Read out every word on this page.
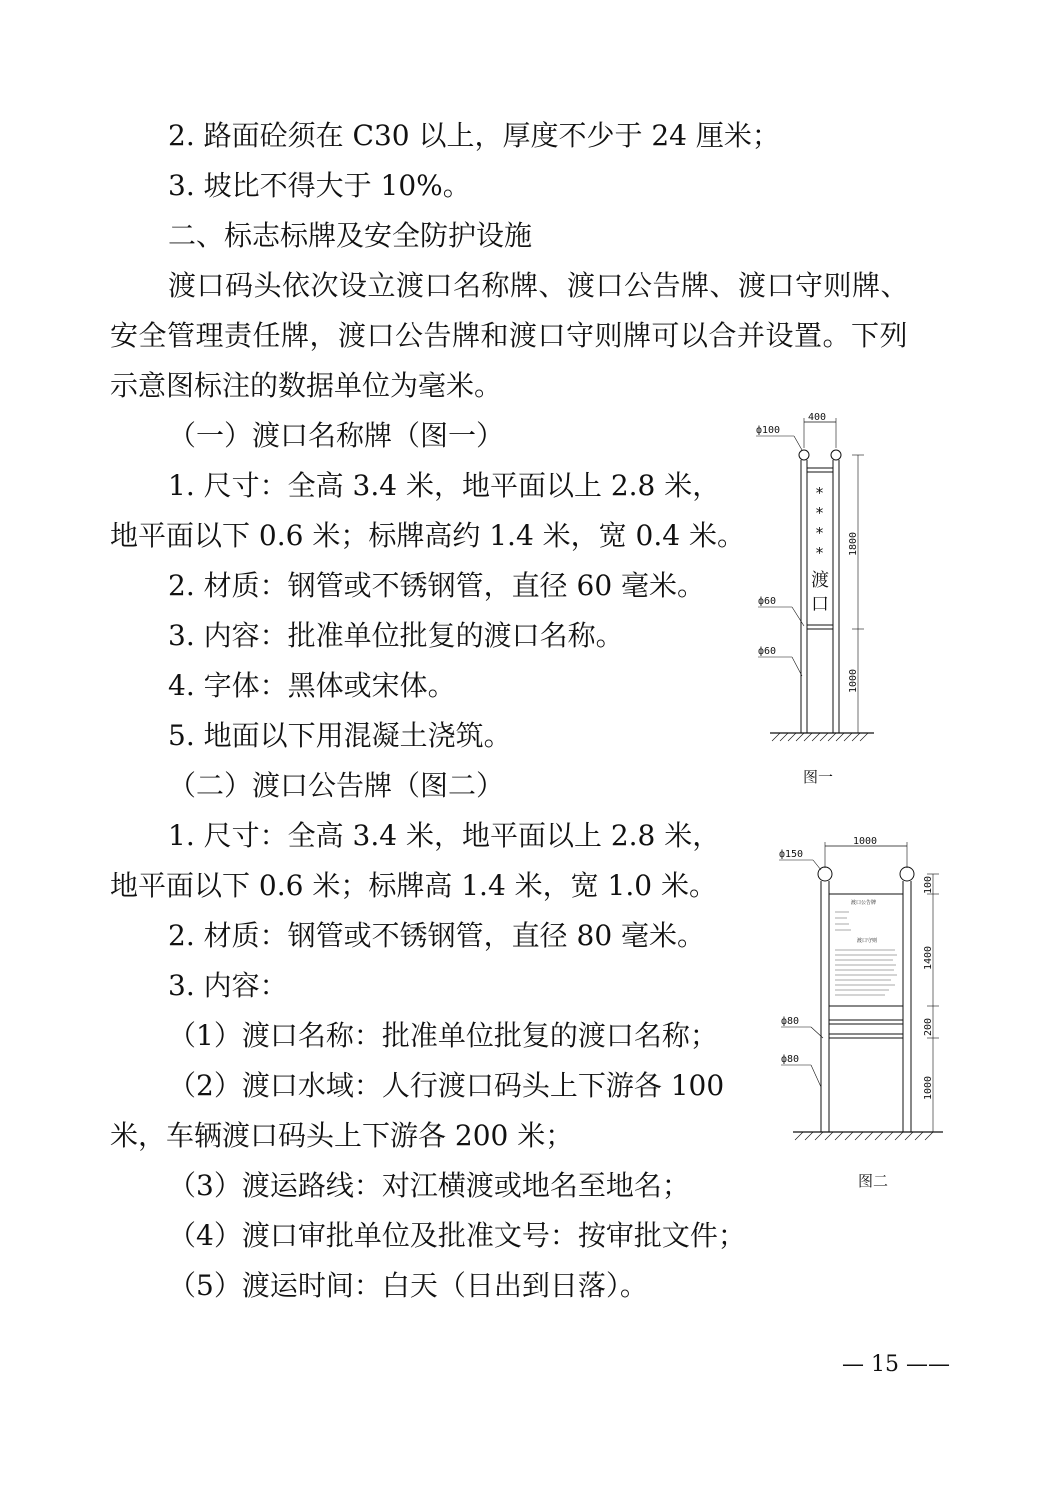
2. 路面砼须在 C30 以上，厚度不少于 24 厘米；
3. 坡比不得大于 10%。
二、标志标牌及安全防护设施
渡口码头依次设立渡口名称牌、渡口公告牌、渡口守则牌、
安全管理责任牌，渡口公告牌和渡口守则牌可以合并设置。下列
示意图标注的数据单位为毫米。
（一）渡口名称牌（图一）
1. 尺寸：全高 3.4 米，地平面以上 2.8 米，
地平面以下 0.6 米；标牌高约 1.4 米，宽 0.4 米。
2. 材质：钢管或不锈钢管，直径 60 毫米。
3. 内容：批准单位批复的渡口名称。
4. 字体：黑体或宋体。
5. 地面以下用混凝土浇筑。
（二）渡口公告牌（图二）
1. 尺寸：全高 3.4 米，地平面以上 2.8 米，
地平面以下 0.6 米；标牌高 1.4 米，宽 1.0 米。
2. 材质：钢管或不锈钢管，直径 80 毫米。
3. 内容：
（1）渡口名称：批准单位批复的渡口名称；
（2）渡口水域：人行渡口码头上下游各 100
米，车辆渡口码头上下游各 200 米；
（3）渡运路线：对江横渡或地名至地名；
（4）渡口审批单位及批准文号：按审批文件；
（5）渡运时间：白天（日出到日落）。
400
ф100
*
*
*
*
渡
口
1800
1000
ф60
ф60
图一
1000
ф150
渡口公告牌
渡口守则
100
1400
200
1000
ф80
ф80
图二
— 15 ——
